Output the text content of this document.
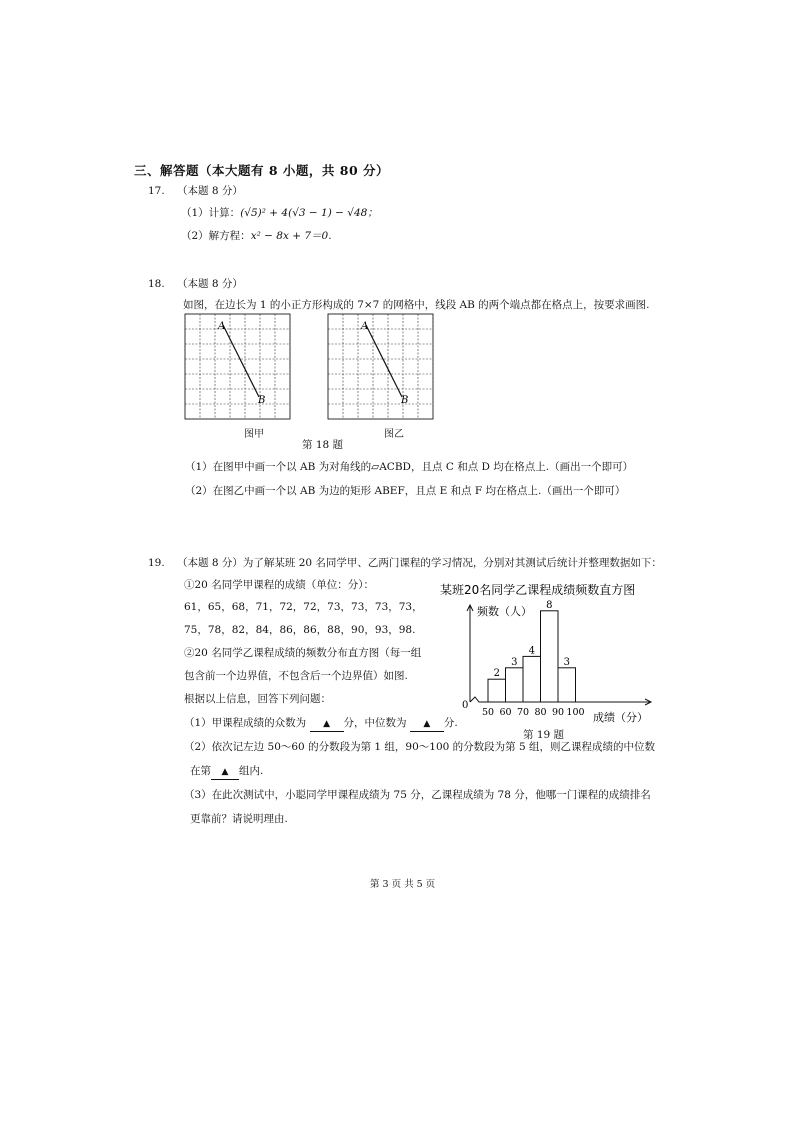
三、解答题（本大题有 8 小题，共 80 分）
17. （本题 8 分）
（1）计算：(√5)² + 4(√3 − 1) − √48；
（2）解方程：x² − 8x + 7＝0.
18. （本题 8 分）
如图，在边长为 1 的小正方形构成的 7×7 的网格中，线段 AB 的两个端点都在格点上，按要求画图.
A
B
A
B
图甲	图乙
第 18 题
（1）在图甲中画一个以 AB 为对角线的▱ACBD，且点 C 和点 D 均在格点上.（画出一个即可）
（2）在图乙中画一个以 AB 为边的矩形 ABEF，且点 E 和点 F 均在格点上.（画出一个即可）
19. （本题 8 分）为了解某班 20 名同学甲、乙两门课程的学习情况，分别对其测试后统计并整理数据如下：
①20 名同学甲课程的成绩（单位：分）：
61，65，68，71，72，72，73，73，73，73，
75，78，82，84，86，86，88，90，93，98.
②20 名同学乙课程成绩的频数分布直方图（每一组
包含前一个边界值，不包含后一个边界值）如图.
根据以上信息，回答下列问题：
（1）甲课程成绩的众数为 ▲ 分，中位数为 ▲ 分.
（2）依次记左边 50～60 的分数段为第 1 组，90～100 的分数段为第 5 组，则乙课程成绩的中位数
在第 ▲ 组内.
（3）在此次测试中，小聪同学甲课程成绩为 75 分，乙课程成绩为 78 分，他哪一门课程的成绩排名
更靠前？请说明理由.
某班20名同学乙课程成绩频数直方图
频数（人）
成绩（分）
0
50 60 70 80 90 100
2
3
4
8
3
第 19 题
第 3 页 共 5 页
